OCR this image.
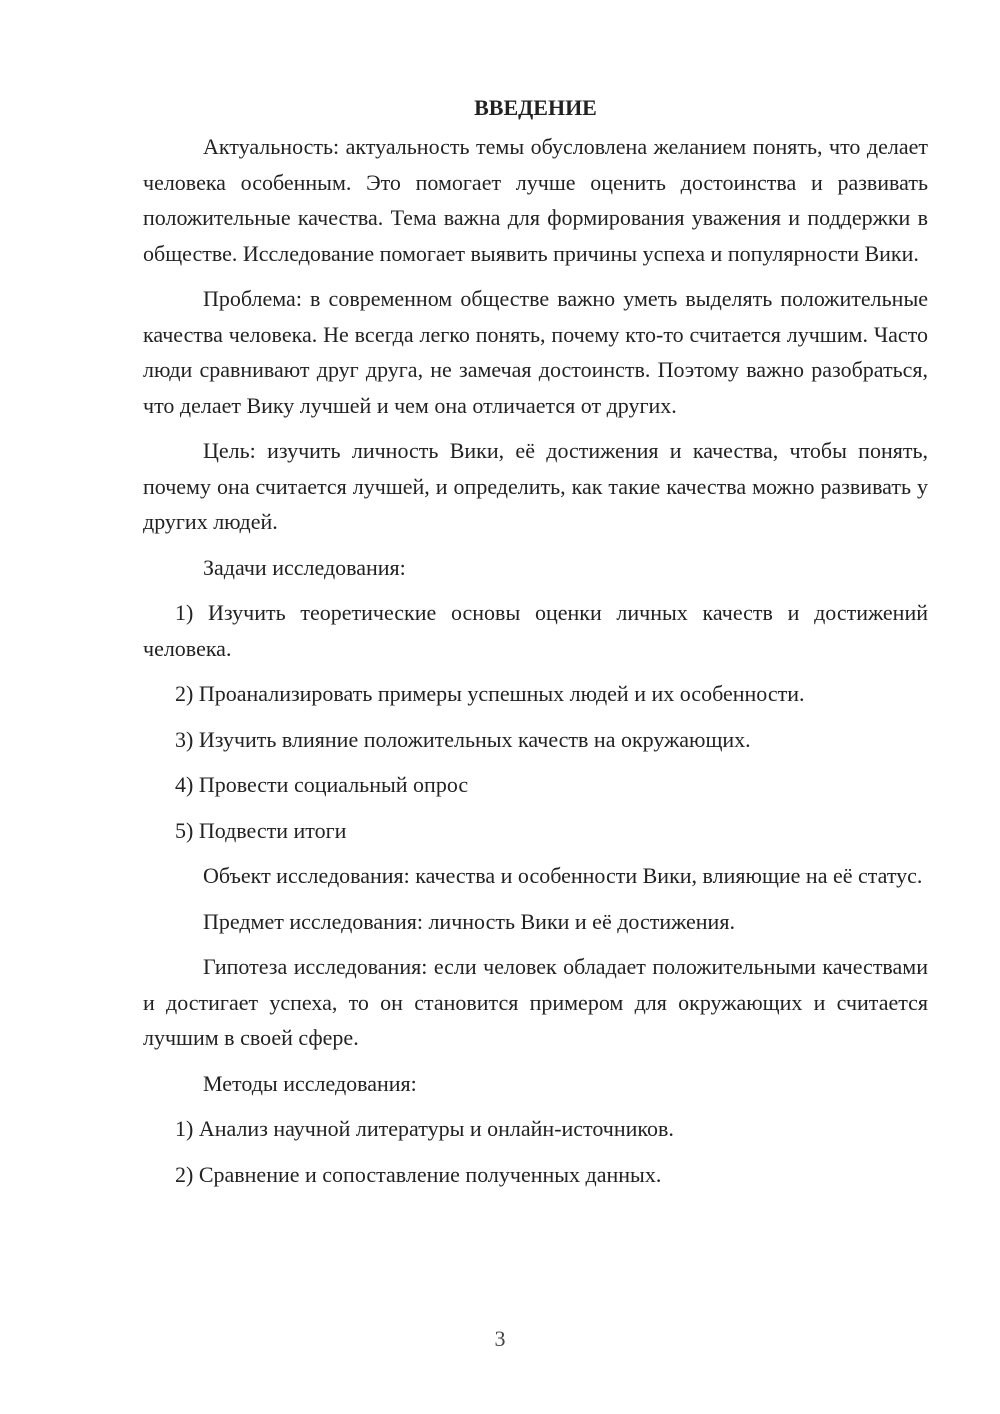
ВВЕДЕНИЕ
Актуальность: актуальность темы обусловлена желанием понять, что делает человека особенным. Это помогает лучше оценить достоинства и развивать положительные качества. Тема важна для формирования уважения и поддержки в обществе. Исследование помогает выявить причины успеха и популярности Вики.
Проблема: в современном обществе важно уметь выделять положительные качества человека. Не всегда легко понять, почему кто-то считается лучшим. Часто люди сравнивают друг друга, не замечая достоинств. Поэтому важно разобраться, что делает Вику лучшей и чем она отличается от других.
Цель: изучить личность Вики, её достижения и качества, чтобы понять, почему она считается лучшей, и определить, как такие качества можно развивать у других людей.
Задачи исследования:
1) Изучить теоретические основы оценки личных качеств и достижений человека.
2) Проанализировать примеры успешных людей и их особенности.
3) Изучить влияние положительных качеств на окружающих.
4) Провести социальный опрос
5) Подвести итоги
Объект исследования: качества и особенности Вики, влияющие на её статус.
Предмет исследования: личность Вики и её достижения.
Гипотеза исследования: если человек обладает положительными качествами и достигает успеха, то он становится примером для окружающих и считается лучшим в своей сфере.
Методы исследования:
1) Анализ научной литературы и онлайн-источников.
2) Сравнение и сопоставление полученных данных.
3
